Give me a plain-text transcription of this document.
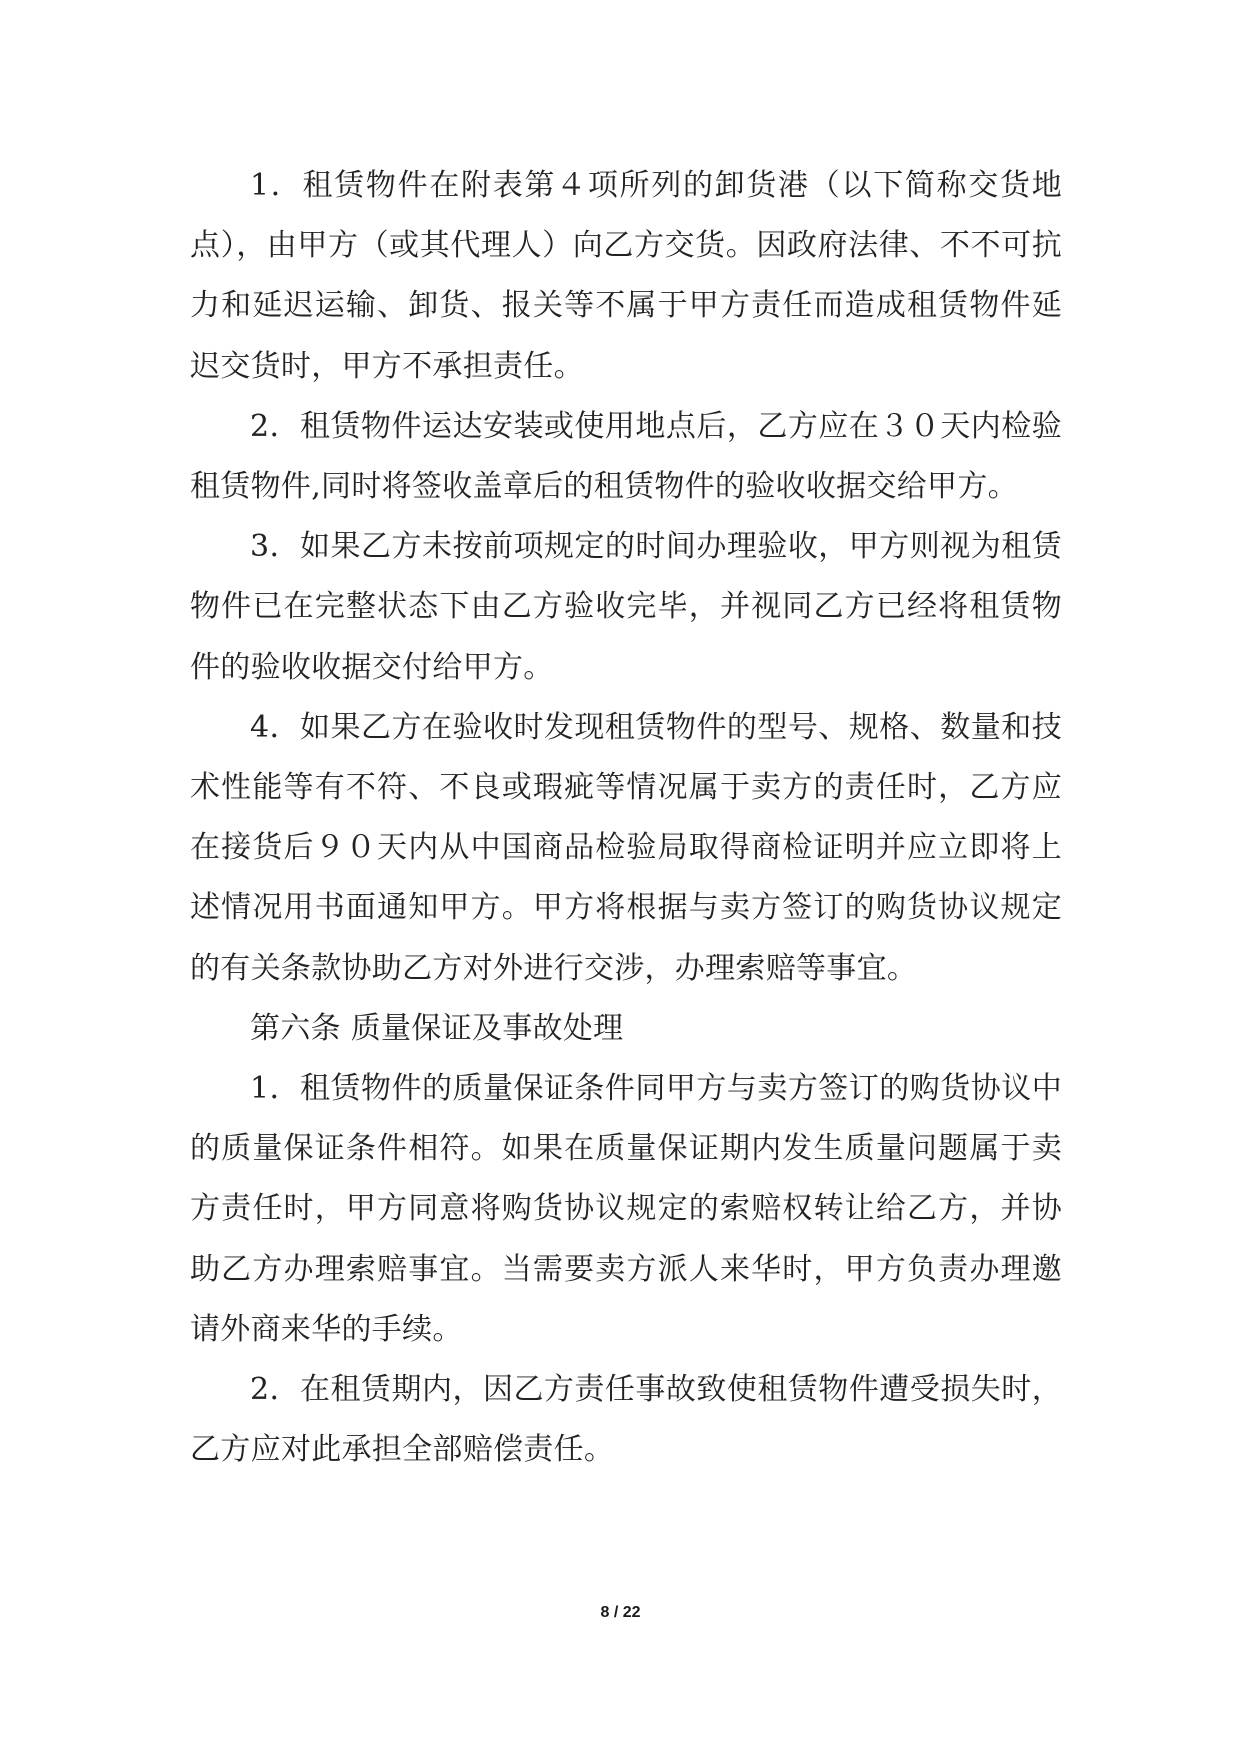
1．租赁物件在附表第４项所列的卸货港（以下简称交货地点），由甲方（或其代理人）向乙方交货。因政府法律、不不可抗力和延迟运输、卸货、报关等不属于甲方责任而造成租赁物件延迟交货时，甲方不承担责任。

2．租赁物件运达安装或使用地点后，乙方应在３０天内检验租赁物件,同时将签收盖章后的租赁物件的验收收据交给甲方。

3．如果乙方未按前项规定的时间办理验收，甲方则视为租赁物件已在完整状态下由乙方验收完毕，并视同乙方已经将租赁物件的验收收据交付给甲方。

4．如果乙方在验收时发现租赁物件的型号、规格、数量和技术性能等有不符、不良或瑕疵等情况属于卖方的责任时，乙方应在接货后９０天内从中国商品检验局取得商检证明并应立即将上述情况用书面通知甲方。甲方将根据与卖方签订的购货协议规定的有关条款协助乙方对外进行交涉，办理索赔等事宜。

第六条 质量保证及事故处理

1．租赁物件的质量保证条件同甲方与卖方签订的购货协议中的质量保证条件相符。如果在质量保证期内发生质量问题属于卖方责任时，甲方同意将购货协议规定的索赔权转让给乙方，并协助乙方办理索赔事宜。当需要卖方派人来华时，甲方负责办理邀请外商来华的手续。

2．在租赁期内，因乙方责任事故致使租赁物件遭受损失时，乙方应对此承担全部赔偿责任。

8 / 22
